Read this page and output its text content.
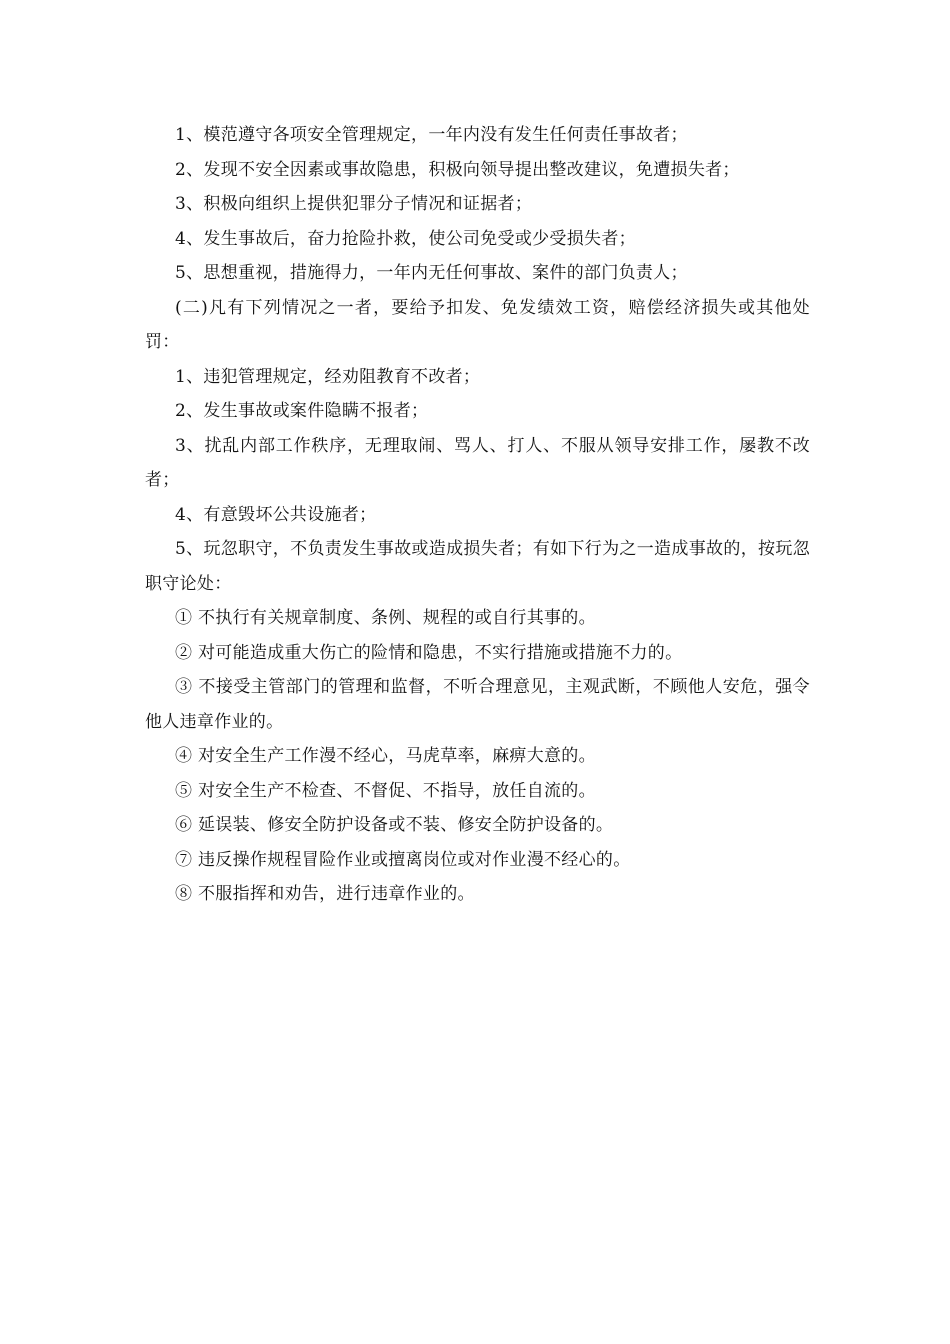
1、模范遵守各项安全管理规定，一年内没有发生任何责任事故者；

2、发现不安全因素或事故隐患，积极向领导提出整改建议，免遭损失者；

3、积极向组织上提供犯罪分子情况和证据者；

4、发生事故后，奋力抢险扑救，使公司免受或少受损失者；

5、思想重视，措施得力，一年内无任何事故、案件的部门负责人；

(二)凡有下列情况之一者，要给予扣发、免发绩效工资，赔偿经济损失或其他处罚：

1、违犯管理规定，经劝阻教育不改者；

2、发生事故或案件隐瞒不报者；

3、扰乱内部工作秩序，无理取闹、骂人、打人、不服从领导安排工作，屡教不改者；

4、有意毁坏公共设施者；

5、玩忽职守，不负责发生事故或造成损失者；有如下行为之一造成事故的，按玩忽职守论处：

① 不执行有关规章制度、条例、规程的或自行其事的。

② 对可能造成重大伤亡的险情和隐患，不实行措施或措施不力的。

③ 不接受主管部门的管理和监督，不听合理意见，主观武断，不顾他人安危，强令他人违章作业的。

④ 对安全生产工作漫不经心，马虎草率，麻痹大意的。

⑤ 对安全生产不检查、不督促、不指导，放任自流的。

⑥ 延误装、修安全防护设备或不装、修安全防护设备的。

⑦ 违反操作规程冒险作业或擅离岗位或对作业漫不经心的。

⑧ 不服指挥和劝告，进行违章作业的。
